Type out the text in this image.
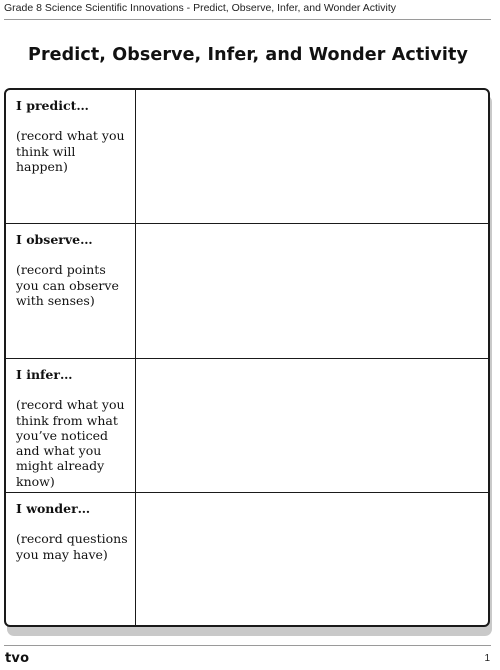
Grade 8 Science Scientific Innovations - Predict, Observe, Infer, and Wonder Activity
Predict, Observe, Infer, and Wonder Activity
I predict…
(record what you think will happen)
I observe…
(record points you can observe with senses)
I infer…
(record what you think from what you’ve noticed and what you might already know)
I wonder…
(record questions you may have)
tvo	1
